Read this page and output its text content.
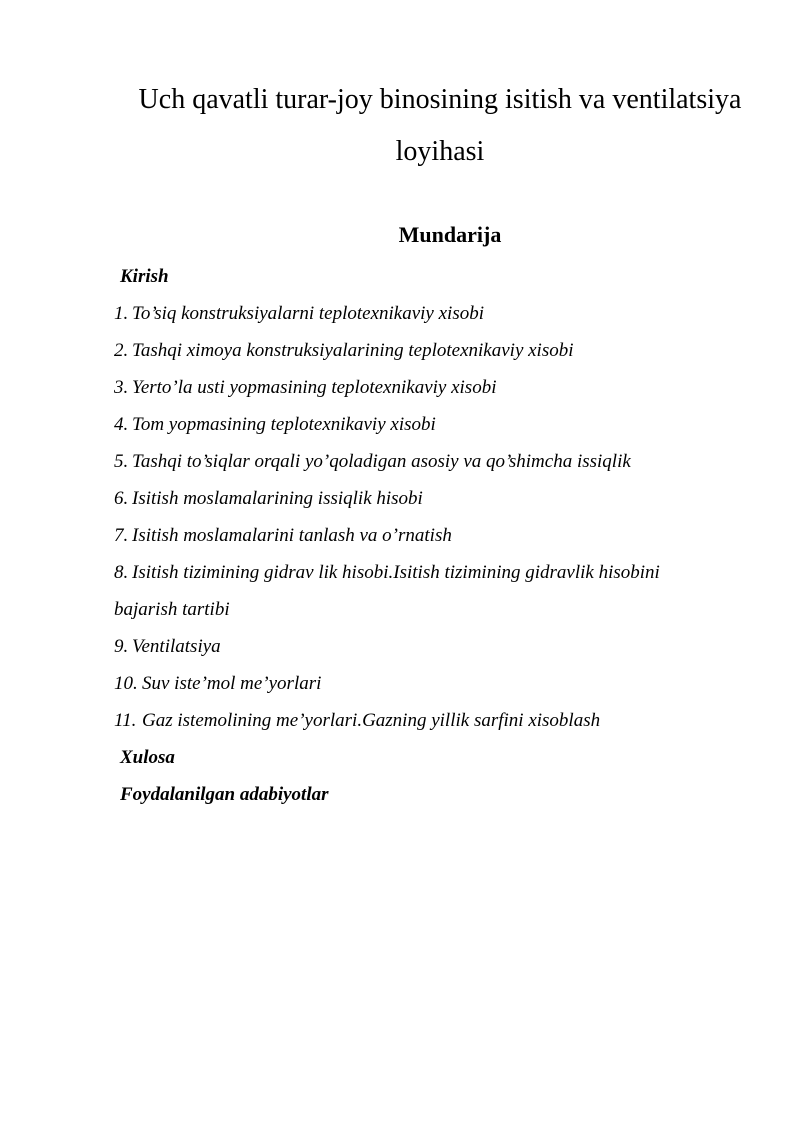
Uch qavatli turar-joy binosining isitish va ventilatsiya
loyihasi
Mundarija
Kirish
1. To’siq konstruksiyalarni teplotexnikaviy xisobi
2. Tashqi ximoya konstruksiyalarining teplotexnikaviy xisobi
3. Yerto’la usti yopmasining teplotexnikaviy xisobi
4. Tom yopmasining teplotexnikaviy xisobi
5. Tashqi to’siqlar orqali yo’qoladigan asosiy va qo’shimcha issiqlik
6. Isitish moslamalarining issiqlik hisobi
7. Isitish moslamalarini tanlash va o’rnatish
8. Isitish tizimining gidrav lik hisobi.Isitish tizimining gidravlik hisobini
bajarish tartibi
9. Ventilatsiya
10. Suv iste’mol me’yorlari
11. Gaz istemolining me’yorlari.Gazning yillik sarfini xisoblash
Xulosa
Foydalanilgan adabiyotlar
